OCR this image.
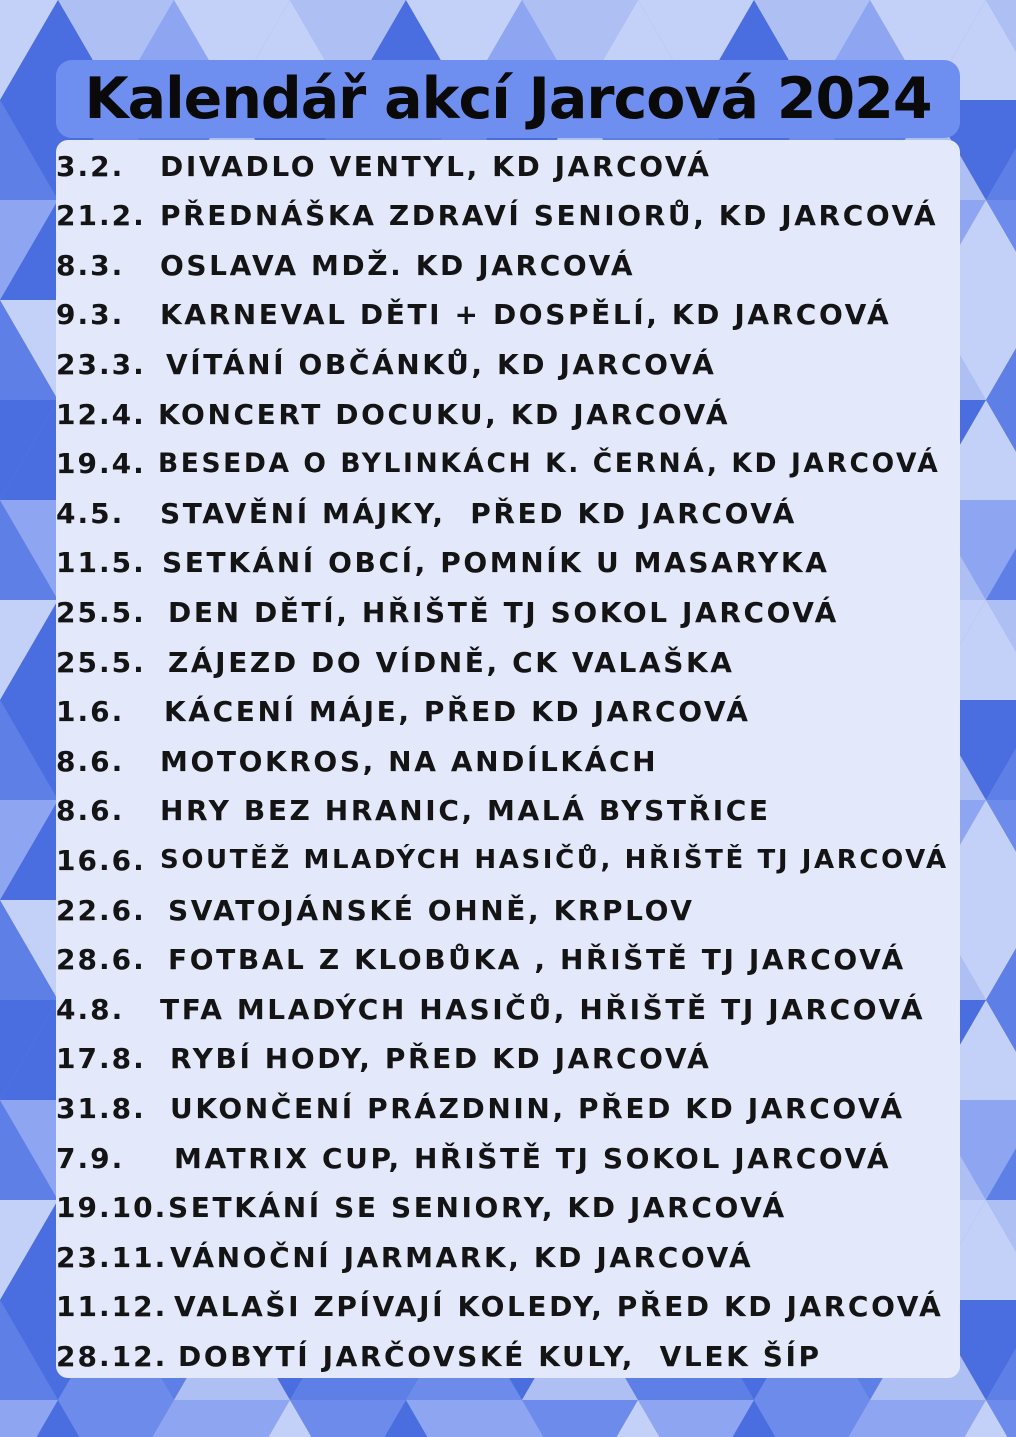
Kalendář akcí Jarcová 2024
3.2. DIVADLO VENTYL, KD JARCOVÁ
21.2. PŘEDNÁŠKA ZDRAVÍ SENIORŮ, KD JARCOVÁ
8.3. OSLAVA MDŽ. KD JARCOVÁ
9.3. KARNEVAL DĚTI + DOSPĚLÍ, KD JARCOVÁ
23.3. VÍTÁNÍ OBČÁNKŮ, KD JARCOVÁ
12.4. KONCERT DOCUKU, KD JARCOVÁ
19.4. BESEDA O BYLINKÁCH K. ČERNÁ, KD JARCOVÁ
4.5. STAVĚNÍ MÁJKY,  PŘED KD JARCOVÁ
11.5. SETKÁNÍ OBCÍ, POMNÍK U MASARYKA
25.5. DEN DĚTÍ, HŘIŠTĚ TJ SOKOL JARCOVÁ
25.5. ZÁJEZD DO VÍDNĚ, CK VALAŠKA
1.6. KÁCENÍ MÁJE, PŘED KD JARCOVÁ
8.6. MOTOKROS, NA ANDÍLKÁCH
8.6. HRY BEZ HRANIC, MALÁ BYSTŘICE
16.6. SOUTĚŽ MLADÝCH HASIČŮ, HŘIŠTĚ TJ JARCOVÁ
22.6. SVATOJÁNSKÉ OHNĚ, KRPLOV
28.6. FOTBAL Z KLOBŮKA , HŘIŠTĚ TJ JARCOVÁ
4.8. TFA MLADÝCH HASIČŮ, HŘIŠTĚ TJ JARCOVÁ
17.8. RYBÍ HODY, PŘED KD JARCOVÁ
31.8. UKONČENÍ PRÁZDNIN, PŘED KD JARCOVÁ
7.9. MATRIX CUP, HŘIŠTĚ TJ SOKOL JARCOVÁ
19.10. SETKÁNÍ SE SENIORY, KD JARCOVÁ
23.11. VÁNOČNÍ JARMARK, KD JARCOVÁ
11.12. VALAŠI ZPÍVAJÍ KOLEDY, PŘED KD JARCOVÁ
28.12. DOBYTÍ JARČOVSKÉ KULY,  VLEK ŠÍP
